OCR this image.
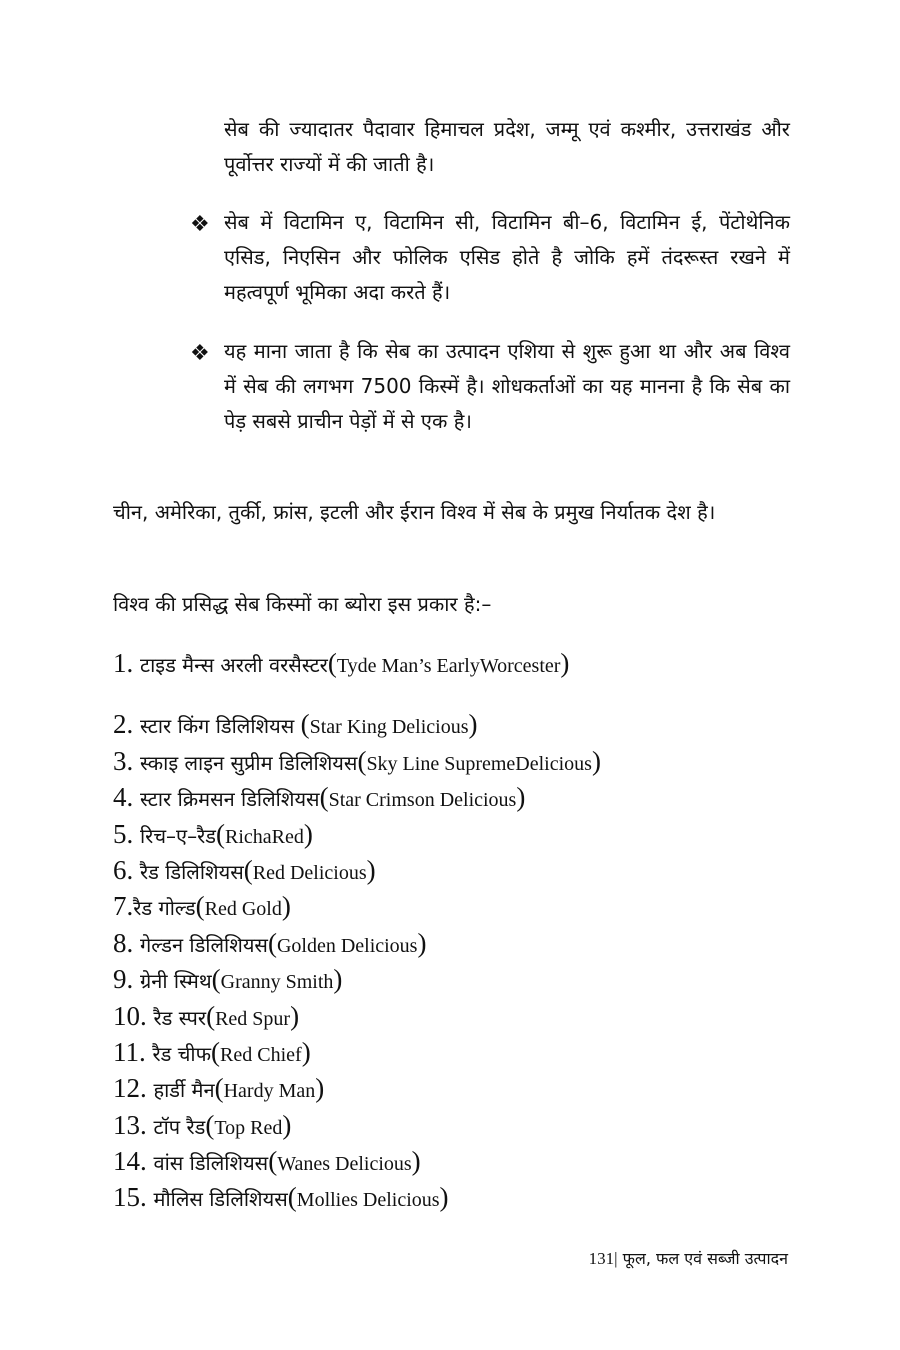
सेब की ज्यादातर पैदावार हिमाचल प्रदेश, जम्मू एवं कश्मीर, उत्तराखंड और पूर्वोत्तर राज्यों में की जाती है।

❖ सेब में विटामिन ए, विटामिन सी, विटामिन बी–6, विटामिन ई, पेंटोथेनिक एसिड, निएसिन और फोलिक एसिड होते है जोकि हमें तंदरूस्त रखने में महत्वपूर्ण भूमिका अदा करते हैं।

❖ यह माना जाता है कि सेब का उत्पादन एशिया से शुरू हुआ था और अब विश्व में सेब की लगभग 7500 किस्में है। शोधकर्ताओं का यह मानना है कि सेब का पेड़ सबसे प्राचीन पेड़ों में से एक है।

चीन, अमेरिका, तुर्की, फ्रांस, इटली और ईरान विश्व में सेब के प्रमुख निर्यातक देश है।

विश्व की प्रसिद्ध सेब किस्मों का ब्योरा इस प्रकार है:–

1. टाइड मैन्स अरली वरसैस्टर(Tyde Man’s EarlyWorcester)
2. स्टार किंग डिलिशियस (Star King Delicious)
3. स्काइ लाइन सुप्रीम डिलिशियस(Sky Line SupremeDelicious)
4. स्टार क्रिमसन डिलिशियस(Star Crimson Delicious)
5. रिच–ए–रैड(RichaRed)
6. रैड डिलिशियस(Red Delicious)
7.रैड गोल्ड(Red Gold)
8. गेल्डन डिलिशियस(Golden Delicious)
9. ग्रेनी स्मिथ(Granny Smith)
10. रैड स्पर(Red Spur)
11. रैड चीफ(Red Chief)
12. हार्डी मैन(Hardy Man)
13. टॉप रैड(Top Red)
14. वांस डिलिशियस(Wanes Delicious)
15. मौलिस डिलिशियस(Mollies Delicious)
131| फूल, फल एवं सब्जी उत्पादन
